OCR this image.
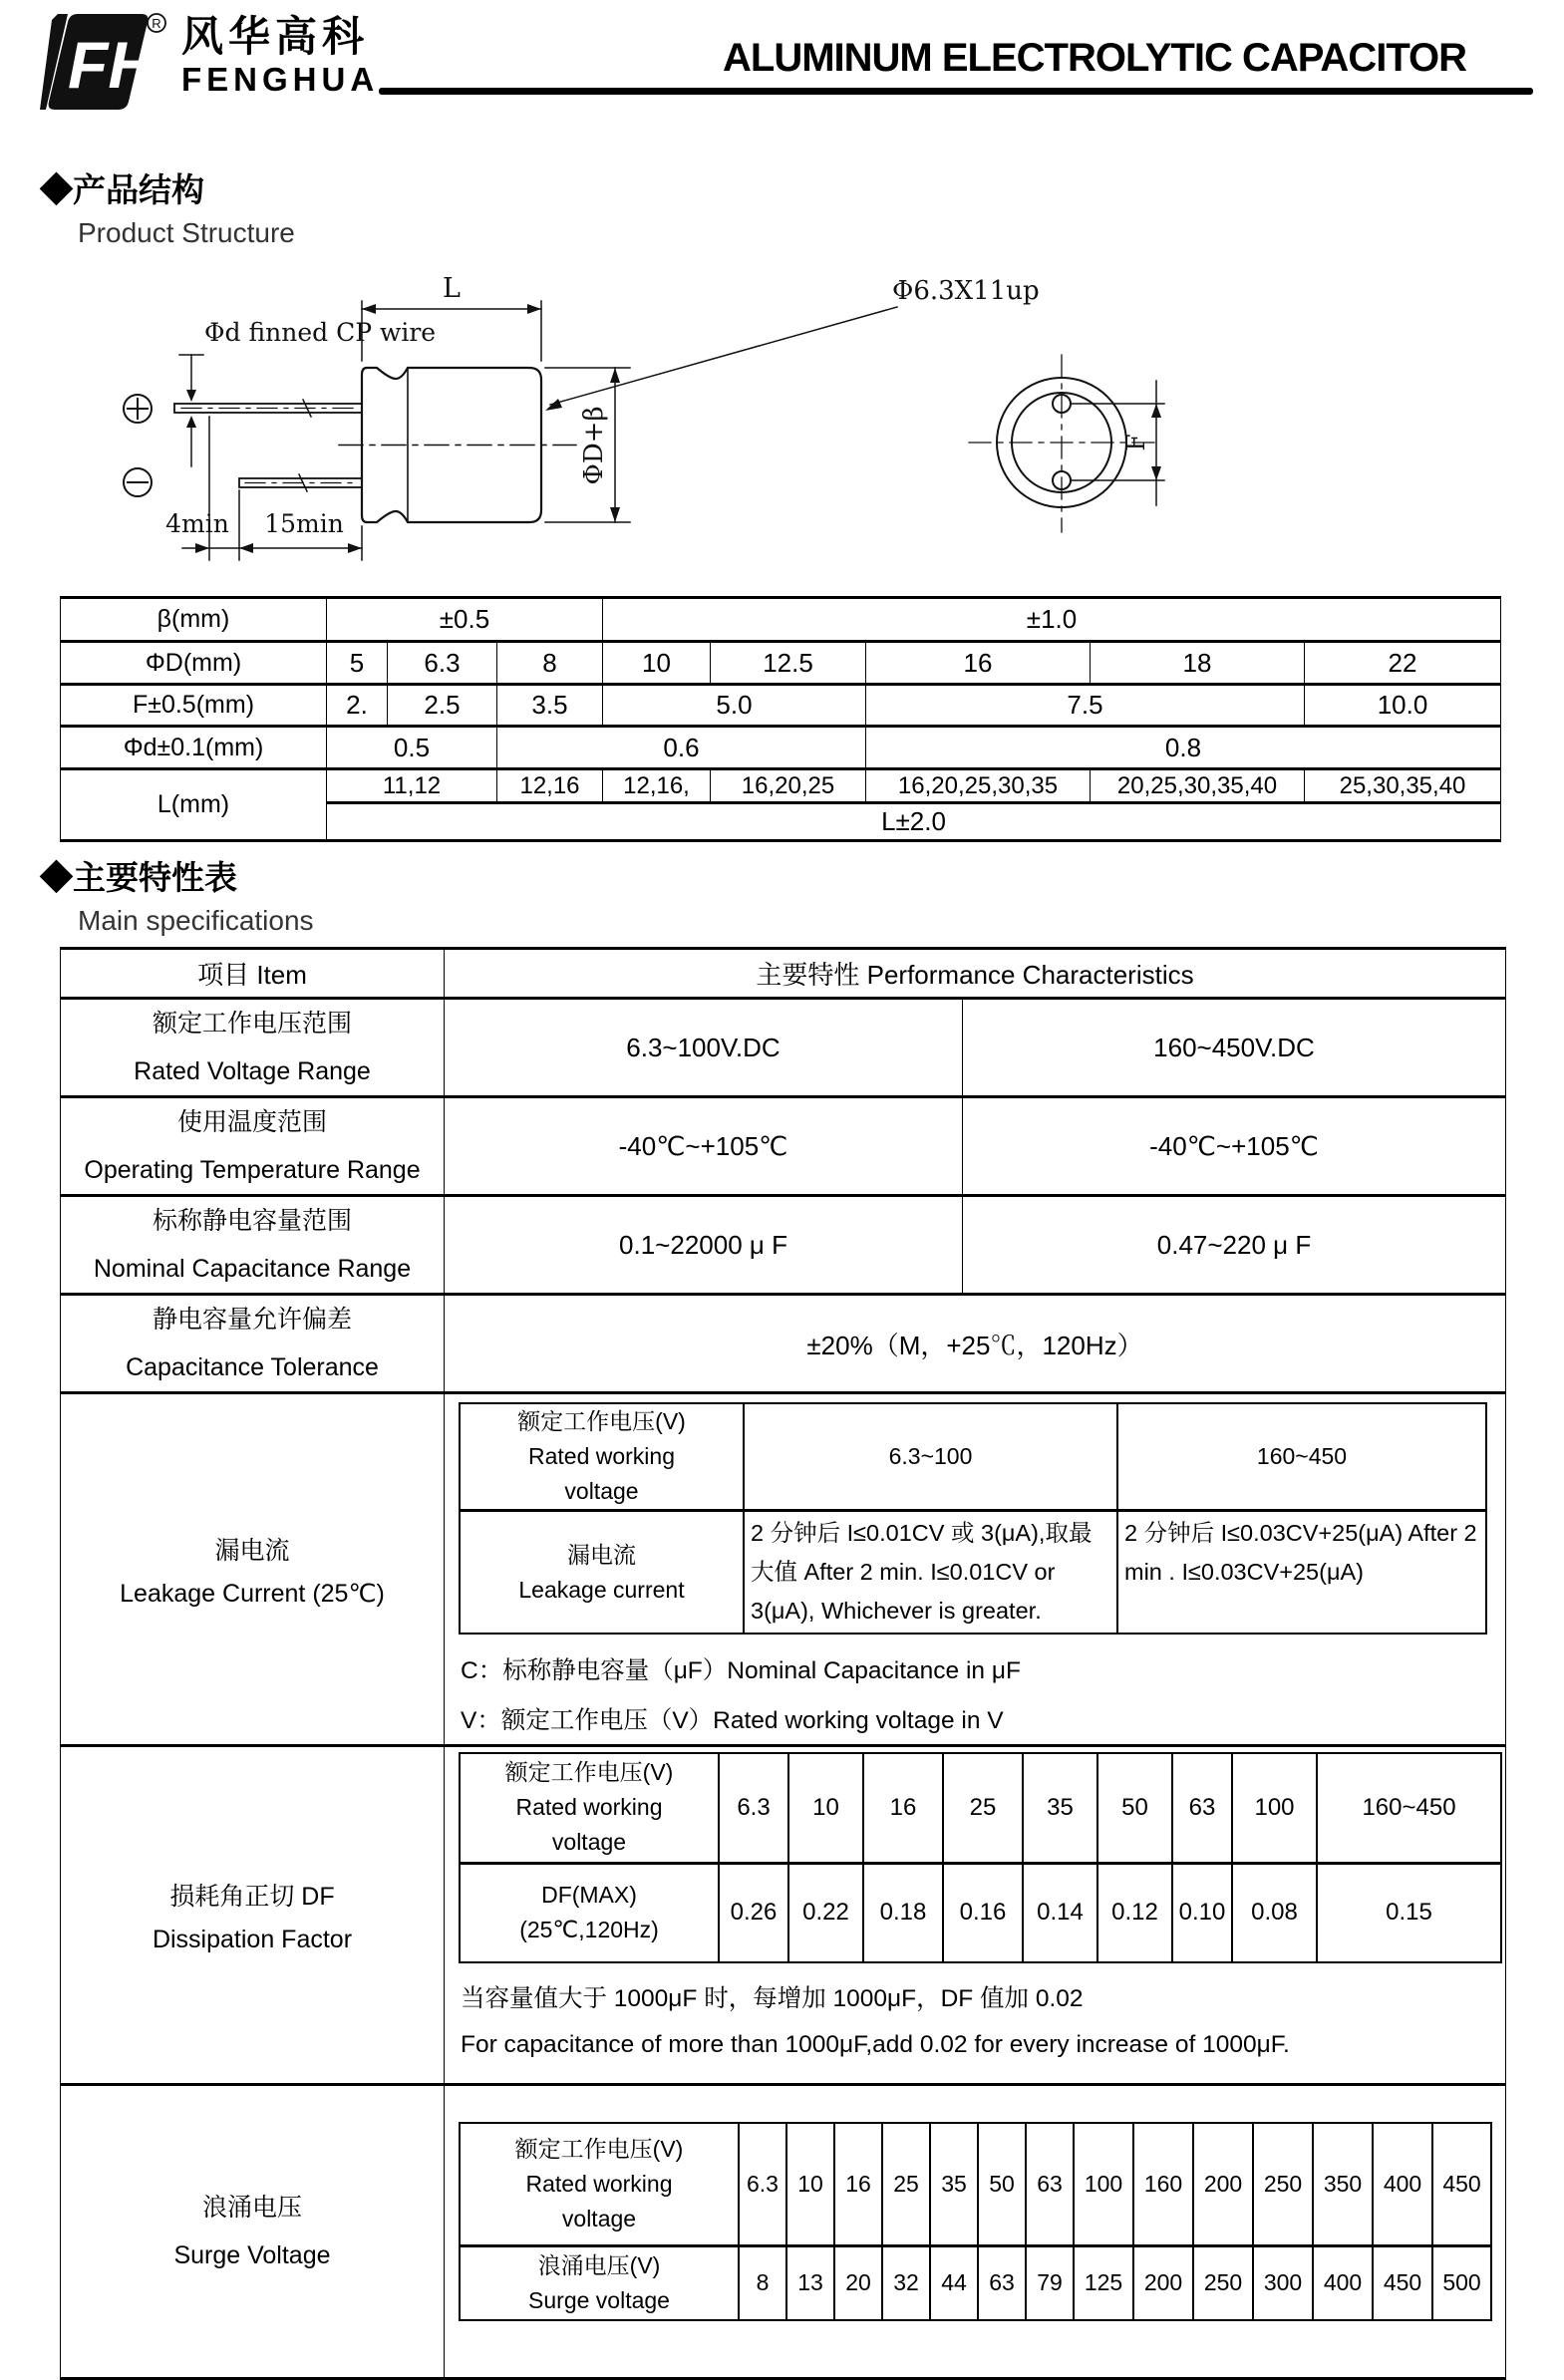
FH
R 风华高科
FENGHUA	ALUMINUM ELECTROLYTIC CAPACITOR
◆产品结构
Product Structure
L	Φ6.3X11up
ΦD+β
Φd finned CP wire
4min 15min
F
β(mm)	±0.5			±1.0				
ΦD(mm)	5	6.3	8	10	12.5	16	18	22
F±0.5(mm)	2.	2.5	3.5	5.0		7.5		10.0
Φd±0.1(mm)	0.5		0.6			0.8		
L(mm)	11,12		12,16	12,16,	16,20,25	16,20,25,30,35	20,25,30,35,40	25,30,35,40
	L±2.0							
◆主要特性表
Main specifications
项目 Item	主要特性 Performance Characteristics
额定工作电压范围
Rated Voltage Range
	6.3~100V.DC	160~450V.DC
使用温度范围
Operating Temperature Range
	-40℃~+105℃	-40℃~+105℃
标称静电容量范围
Nominal Capacitance Range
	0.1~22000 μ F	0.47~220 μ F
静电容量允许偏差
Capacitance Tolerance
	±20%（M，+25℃，120Hz）
漏电流
Leakage Current (25℃)

额定工作电压(V)
Rated working
voltage
	6.3~100	160~450

漏电流
Leakage current
	2 分钟后 I≤0.01CV 或 3(μA),取最大值 After 2 min. I≤0.01CV or 3(μA), Whichever is greater.	2 分钟后 I≤0.03CV+25(μA) After 2 min . I≤0.03CV+25(μA)
C：标称静电容量（μF）Nominal Capacitance in μF
V：额定工作电压（V）Rated working voltage in V

损耗角正切 DF
Dissipation Factor

额定工作电压(V)
Rated working
voltage
	6.3	10	16	25	35	50	63	100	160~450

DF(MAX)
(25℃,120Hz)
	0.26	0.22	0.18	0.16	0.14	0.12	0.10	0.08	0.15
当容量值大于 1000μF 时，每增加 1000μF，DF 值加 0.02
For capacitance of more than 1000μF,add 0.02 for every increase of 1000μF.

浪涌电压
Surge Voltage

额定工作电压(V)
Rated working
voltage
	6.3	10	16	25	35	50	63	100	160	200	250	350	400	450

浪涌电压(V)
Surge voltage
	8	13	20	32	44	63	79	125	200	250	300	400	450	500
